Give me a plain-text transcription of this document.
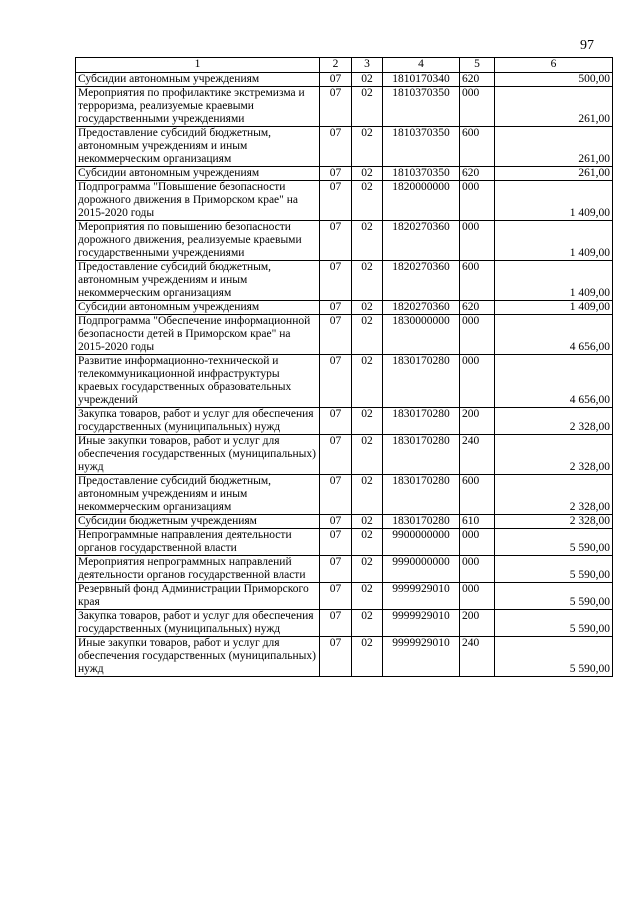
97
1	2	3	4	5	6
Субсидии автономным учреждениям	07	02	1810170340	620	500,00
Мероприятия по профилактике экстремизма и терроризма, реализуемые краевыми государственными учреждениями	07	02	1810370350	000	261,00
Предоставление субсидий бюджетным, автономным учреждениям и иным некоммерческим организациям	07	02	1810370350	600	261,00
Субсидии автономным учреждениям	07	02	1810370350	620	261,00
Подпрограмма "Повышение безопасности дорожного движения в Приморском крае" на 2015-2020 годы	07	02	1820000000	000	1 409,00
Мероприятия по повышению безопасности дорожного движения, реализуемые краевыми государственными учреждениями	07	02	1820270360	000	1 409,00
Предоставление субсидий бюджетным, автономным учреждениям и иным некоммерческим организациям	07	02	1820270360	600	1 409,00
Субсидии автономным учреждениям	07	02	1820270360	620	1 409,00
Подпрограмма "Обеспечение информационной безопасности детей в Приморском крае" на 2015-2020 годы	07	02	1830000000	000	4 656,00
Развитие информационно-технической и телекоммуникационной инфраструктуры краевых государственных образовательных учреждений	07	02	1830170280	000	4 656,00
Закупка товаров, работ и услуг для обеспечения государственных (муниципальных) нужд	07	02	1830170280	200	2 328,00
Иные закупки товаров, работ и услуг для обеспечения государственных (муниципальных) нужд	07	02	1830170280	240	2 328,00
Предоставление субсидий бюджетным, автономным учреждениям и иным некоммерческим организациям	07	02	1830170280	600	2 328,00
Субсидии бюджетным учреждениям	07	02	1830170280	610	2 328,00
Непрограммные направления деятельности органов государственной власти	07	02	9900000000	000	5 590,00
Мероприятия непрограммных направлений деятельности органов государственной власти	07	02	9990000000	000	5 590,00
Резервный фонд Администрации Приморского края	07	02	9999929010	000	5 590,00
Закупка товаров, работ и услуг для обеспечения государственных (муниципальных) нужд	07	02	9999929010	200	5 590,00
Иные закупки товаров, работ и услуг для обеспечения государственных (муниципальных) нужд	07	02	9999929010	240	5 590,00
